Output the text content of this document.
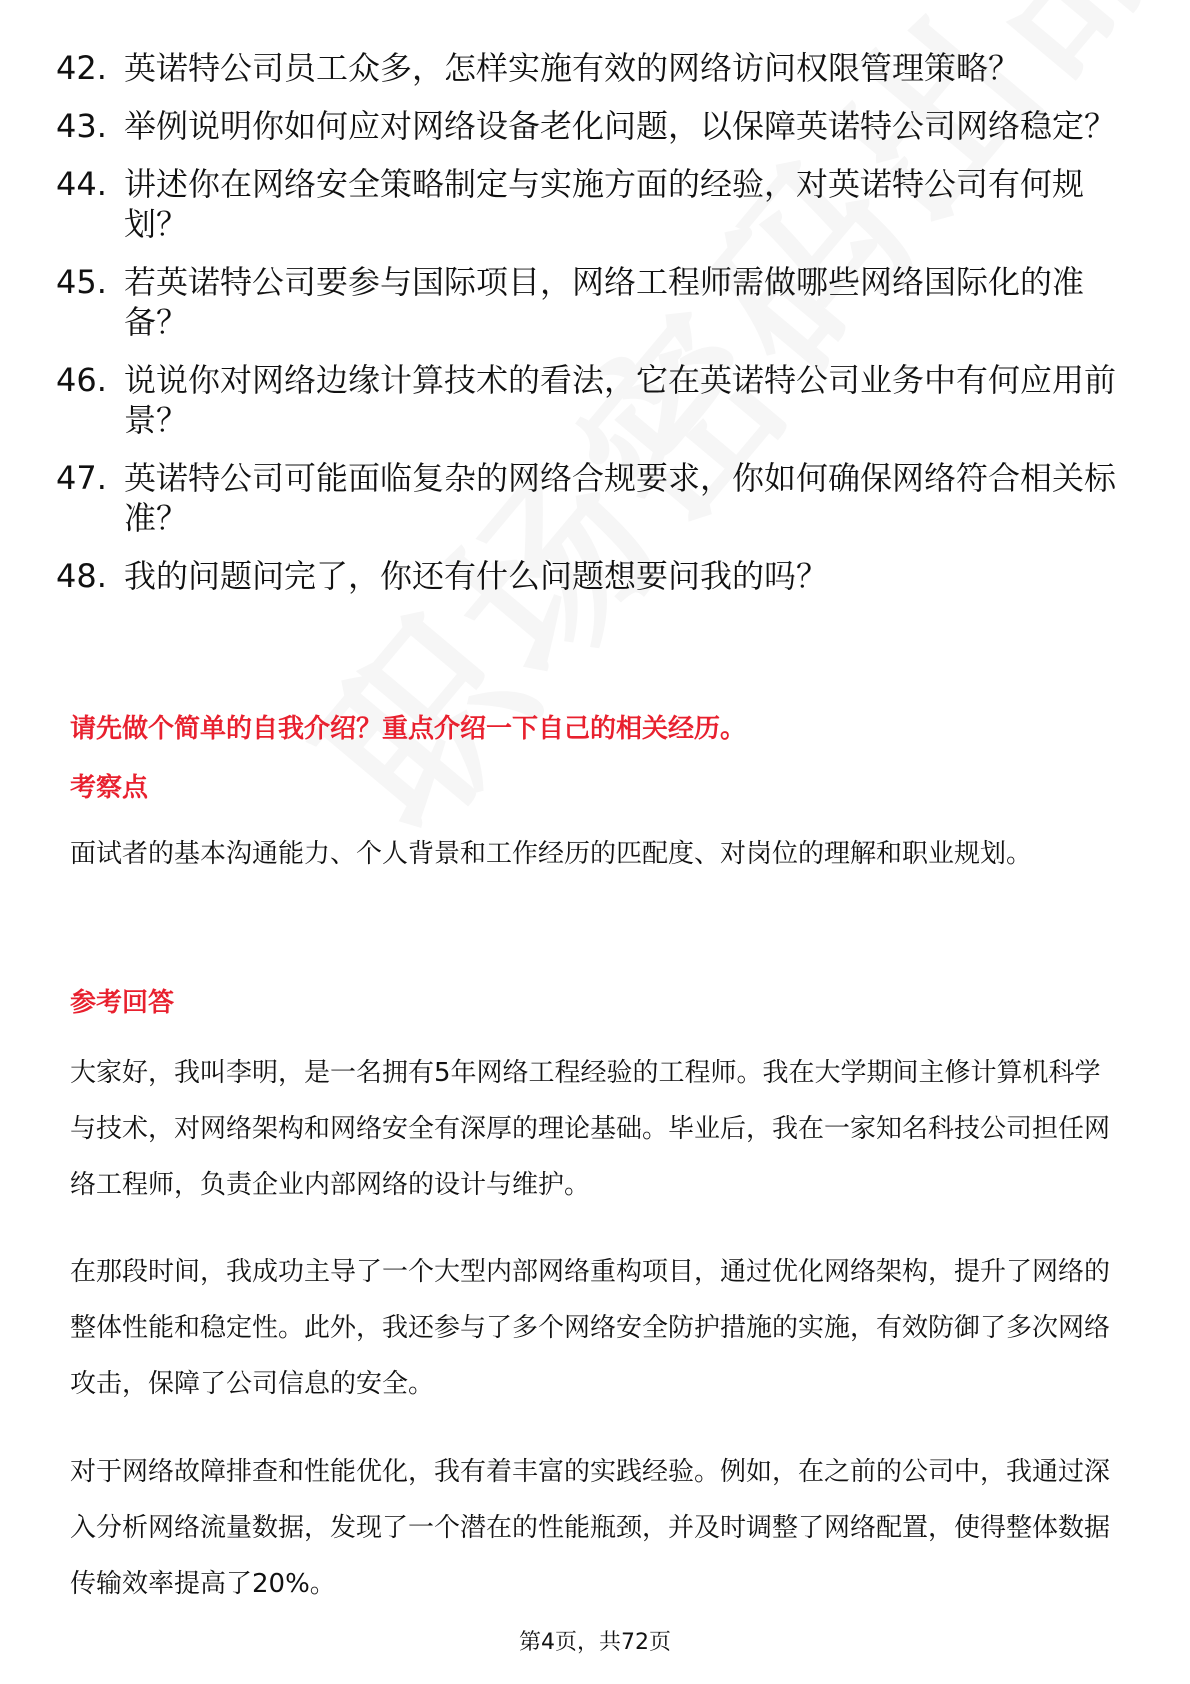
42. 英诺特公司员工众多，怎样实施有效的网络访问权限管理策略？
43. 举例说明你如何应对网络设备老化问题，以保障英诺特公司网络稳定？
44. 讲述你在网络安全策略制定与实施方面的经验，对英诺特公司有何规划？
45. 若英诺特公司要参与国际项目，网络工程师需做哪些网络国际化的准备？
46. 说说你对网络边缘计算技术的看法，它在英诺特公司业务中有何应用前景？
47. 英诺特公司可能面临复杂的网络合规要求，你如何确保网络符合相关标准？
48. 我的问题问完了，你还有什么问题想要问我的吗？
请先做个简单的自我介绍？重点介绍一下自己的相关经历。
考察点
面试者的基本沟通能力、个人背景和工作经历的匹配度、对岗位的理解和职业规划。
参考回答
大家好，我叫李明，是一名拥有5年网络工程经验的工程师。我在大学期间主修计算机科学与技术，对网络架构和网络安全有深厚的理论基础。毕业后，我在一家知名科技公司担任网络工程师，负责企业内部网络的设计与维护。
在那段时间，我成功主导了一个大型内部网络重构项目，通过优化网络架构，提升了网络的整体性能和稳定性。此外，我还参与了多个网络安全防护措施的实施，有效防御了多次网络攻击，保障了公司信息的安全。
对于网络故障排查和性能优化，我有着丰富的实践经验。例如，在之前的公司中，我通过深入分析网络流量数据，发现了一个潜在的性能瓶颈，并及时调整了网络配置，使得整体数据传输效率提高了20%。
第4页，共72页
